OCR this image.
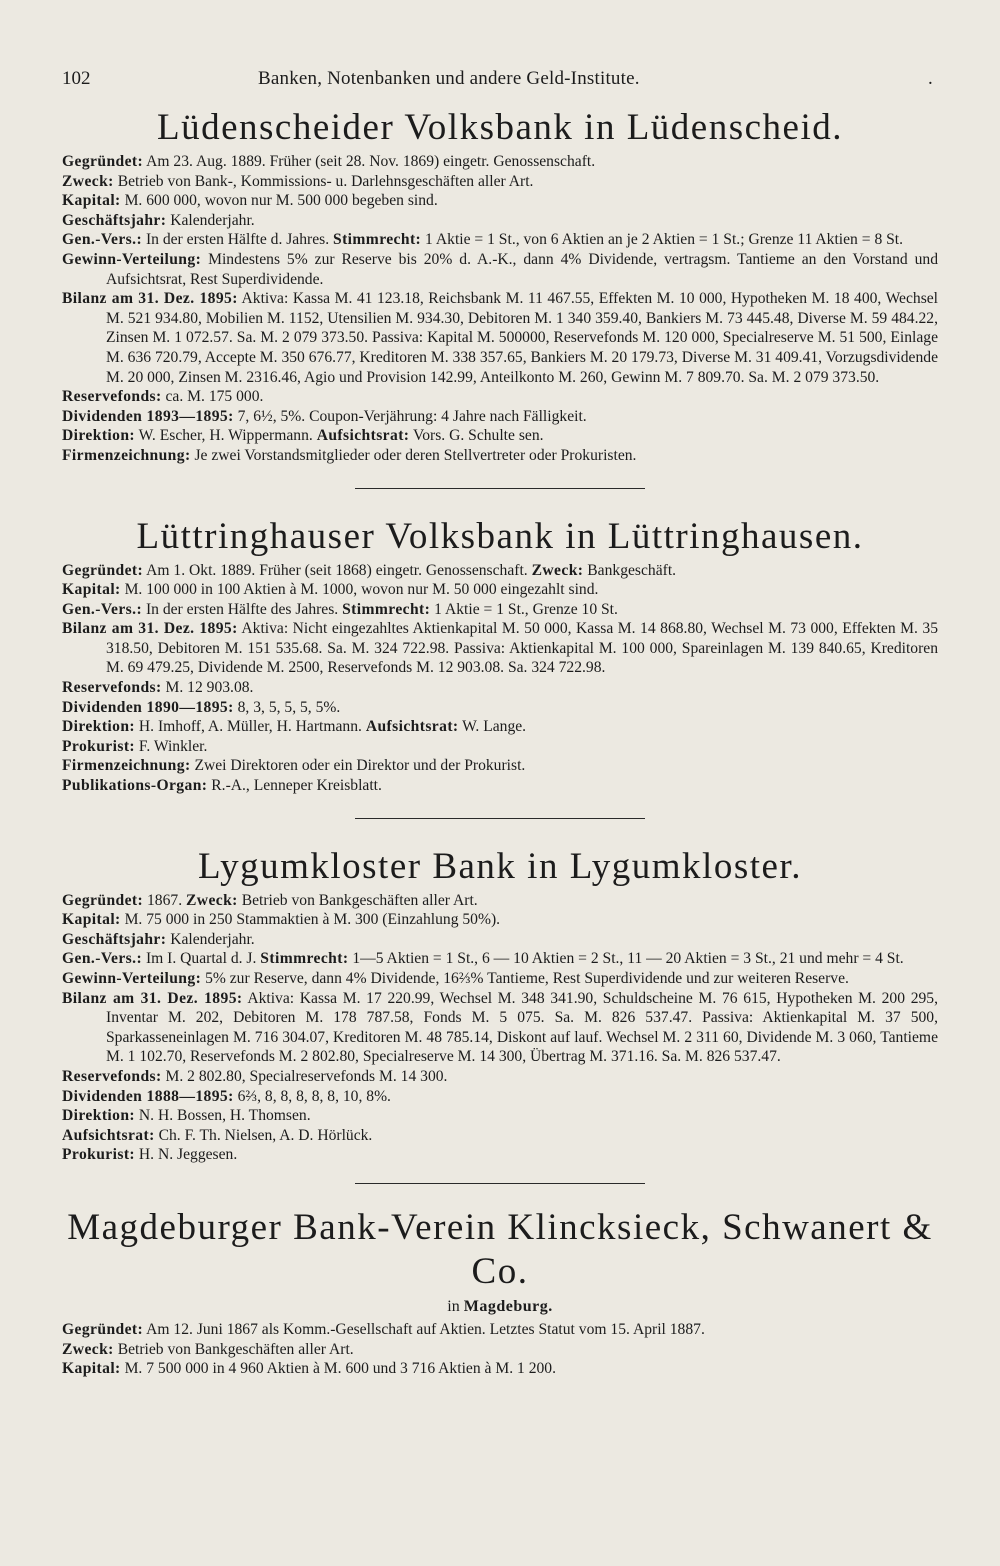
102	Banken, Notenbanken und andere Geld-Institute.	.
Lüdenscheider Volksbank in Lüdenscheid.
Gegründet: Am 23. Aug. 1889. Früher (seit 28. Nov. 1869) eingetr. Genossenschaft.
Zweck: Betrieb von Bank-, Kommissions- u. Darlehnsgeschäften aller Art.
Kapital: M. 600 000, wovon nur M. 500 000 begeben sind.
Geschäftsjahr: Kalenderjahr.
Gen.-Vers.: In der ersten Hälfte d. Jahres. Stimmrecht: 1 Aktie = 1 St., von 6 Aktien an je 2 Aktien = 1 St.; Grenze 11 Aktien = 8 St.
Gewinn-Verteilung: Mindestens 5% zur Reserve bis 20% d. A.-K., dann 4% Dividende, vertragsm. Tantieme an den Vorstand und Aufsichtsrat, Rest Superdividende.
Bilanz am 31. Dez. 1895: Aktiva: Kassa M. 41 123.18, Reichsbank M. 11 467.55, Effekten M. 10 000, Hypotheken M. 18 400, Wechsel M. 521 934.80, Mobilien M. 1152, Utensilien M. 934.30, Debitoren M. 1 340 359.40, Bankiers M. 73 445.48, Diverse M. 59 484.22, Zinsen M. 1 072.57. Sa. M. 2 079 373.50. Passiva: Kapital M. 500000, Reservefonds M. 120 000, Specialreserve M. 51 500, Einlage M. 636 720.79, Accepte M. 350 676.77, Kreditoren M. 338 357.65, Bankiers M. 20 179.73, Diverse M. 31 409.41, Vorzugsdividende M. 20 000, Zinsen M. 2316.46, Agio und Provision 142.99, Anteilkonto M. 260, Gewinn M. 7 809.70. Sa. M. 2 079 373.50.
Reservefonds: ca. M. 175 000.
Dividenden 1893—1895: 7, 6½, 5%. Coupon-Verjährung: 4 Jahre nach Fälligkeit.
Direktion: W. Escher, H. Wippermann. Aufsichtsrat: Vors. G. Schulte sen.
Firmenzeichnung: Je zwei Vorstandsmitglieder oder deren Stellvertreter oder Prokuristen.
Lüttringhauser Volksbank in Lüttringhausen.
Gegründet: Am 1. Okt. 1889. Früher (seit 1868) eingetr. Genossenschaft. Zweck: Bankgeschäft.
Kapital: M. 100 000 in 100 Aktien à M. 1000, wovon nur M. 50 000 eingezahlt sind.
Gen.-Vers.: In der ersten Hälfte des Jahres. Stimmrecht: 1 Aktie = 1 St., Grenze 10 St.
Bilanz am 31. Dez. 1895: Aktiva: Nicht eingezahltes Aktienkapital M. 50 000, Kassa M. 14 868.80, Wechsel M. 73 000, Effekten M. 35 318.50, Debitoren M. 151 535.68. Sa. M. 324 722.98. Passiva: Aktienkapital M. 100 000, Spareinlagen M. 139 840.65, Kreditoren M. 69 479.25, Dividende M. 2500, Reservefonds M. 12 903.08. Sa. 324 722.98.
Reservefonds: M. 12 903.08.
Dividenden 1890—1895: 8, 3, 5, 5, 5, 5%.
Direktion: H. Imhoff, A. Müller, H. Hartmann. Aufsichtsrat: W. Lange.
Prokurist: F. Winkler.
Firmenzeichnung: Zwei Direktoren oder ein Direktor und der Prokurist.
Publikations-Organ: R.-A., Lenneper Kreisblatt.
Lygumkloster Bank in Lygumkloster.
Gegründet: 1867. Zweck: Betrieb von Bankgeschäften aller Art.
Kapital: M. 75 000 in 250 Stammaktien à M. 300 (Einzahlung 50%).
Geschäftsjahr: Kalenderjahr.
Gen.-Vers.: Im I. Quartal d. J. Stimmrecht: 1—5 Aktien = 1 St., 6 — 10 Aktien = 2 St., 11 — 20 Aktien = 3 St., 21 und mehr = 4 St.
Gewinn-Verteilung: 5% zur Reserve, dann 4% Dividende, 16⅔% Tantieme, Rest Superdividende und zur weiteren Reserve.
Bilanz am 31. Dez. 1895: Aktiva: Kassa M. 17 220.99, Wechsel M. 348 341.90, Schuldscheine M. 76 615, Hypotheken M. 200 295, Inventar M. 202, Debitoren M. 178 787.58, Fonds M. 5 075. Sa. M. 826 537.47. Passiva: Aktienkapital M. 37 500, Sparkasseneinlagen M. 716 304.07, Kreditoren M. 48 785.14, Diskont auf lauf. Wechsel M. 2 311 60, Dividende M. 3 060, Tantieme M. 1 102.70, Reservefonds M. 2 802.80, Specialreserve M. 14 300, Übertrag M. 371.16. Sa. M. 826 537.47.
Reservefonds: M. 2 802.80, Specialreservefonds M. 14 300.
Dividenden 1888—1895: 6⅔, 8, 8, 8, 8, 8, 10, 8%.
Direktion: N. H. Bossen, H. Thomsen.
Aufsichtsrat: Ch. F. Th. Nielsen, A. D. Hörlück.
Prokurist: H. N. Jeggesen.
Magdeburger Bank-Verein Klincksieck, Schwanert & Co.
in Magdeburg.
Gegründet: Am 12. Juni 1867 als Komm.-Gesellschaft auf Aktien. Letztes Statut vom 15. April 1887.
Zweck: Betrieb von Bankgeschäften aller Art.
Kapital: M. 7 500 000 in 4 960 Aktien à M. 600 und 3 716 Aktien à M. 1 200.
